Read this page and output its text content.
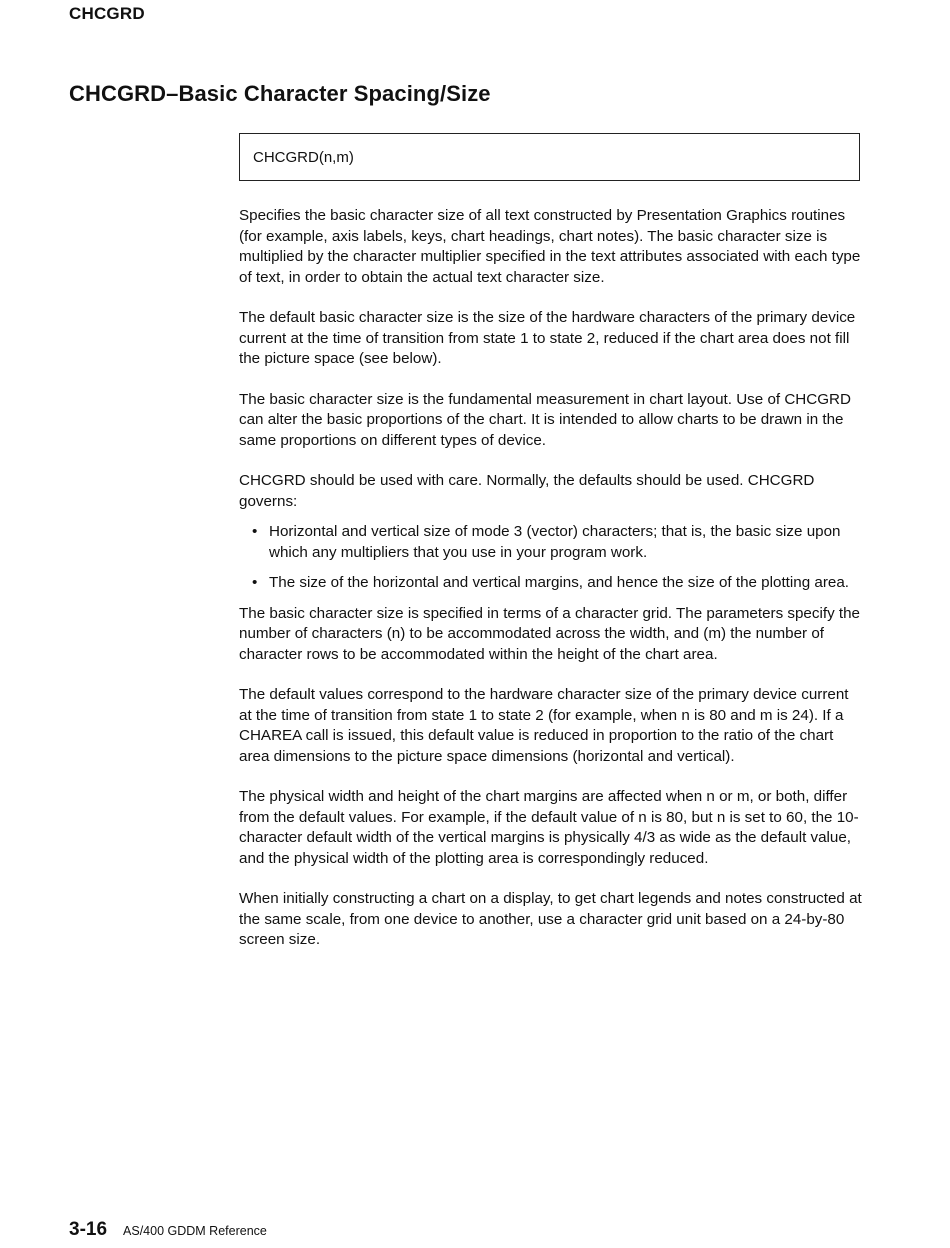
CHCGRD
CHCGRD–Basic Character Spacing/Size
CHCGRD(n,m)

Specifies the basic character size of all text constructed by Presentation Graphics routines (for example, axis labels, keys, chart headings, chart notes). The basic character size is multiplied by the character multiplier specified in the text attributes associated with each type of text, in order to obtain the actual text character size.

The default basic character size is the size of the hardware characters of the primary device current at the time of transition from state 1 to state 2, reduced if the chart area does not fill the picture space (see below).

The basic character size is the fundamental measurement in chart layout. Use of CHCGRD can alter the basic proportions of the chart. It is intended to allow charts to be drawn in the same proportions on different types of device.

CHCGRD should be used with care. Normally, the defaults should be used. CHCGRD governs:

• Horizontal and vertical size of mode 3 (vector) characters; that is, the basic size upon which any multipliers that you use in your program work.
• The size of the horizontal and vertical margins, and hence the size of the plotting area.

The basic character size is specified in terms of a character grid. The parameters specify the number of characters (n) to be accommodated across the width, and (m) the number of character rows to be accommodated within the height of the chart area.

The default values correspond to the hardware character size of the primary device current at the time of transition from state 1 to state 2 (for example, when n is 80 and m is 24). If a CHAREA call is issued, this default value is reduced in proportion to the ratio of the chart area dimensions to the picture space dimensions (horizontal and vertical).

The physical width and height of the chart margins are affected when n or m, or both, differ from the default values. For example, if the default value of n is 80, but n is set to 60, the 10-character default width of the vertical margins is physically 4/3 as wide as the default value, and the physical width of the plotting area is correspondingly reduced.

When initially constructing a chart on a display, to get chart legends and notes constructed at the same scale, from one device to another, use a character grid unit based on a 24-by-80 screen size.

3-16 AS/400 GDDM Reference
